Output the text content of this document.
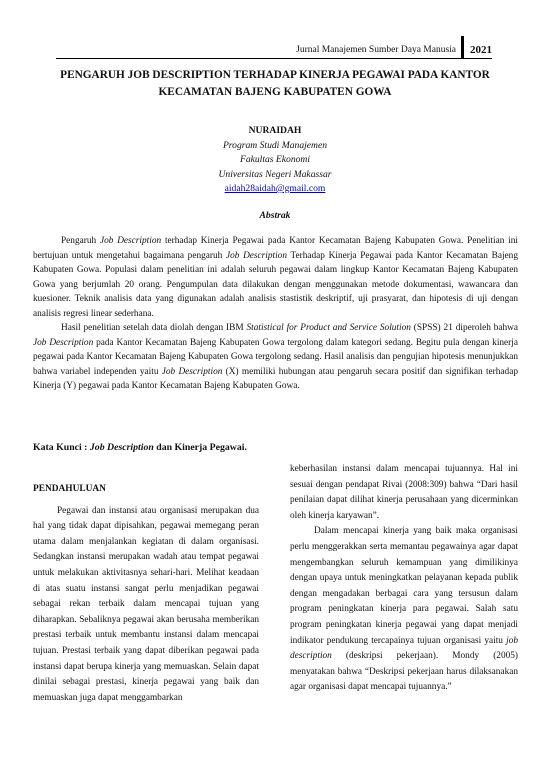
Jurnal Manajemen Sumber Daya Manusia	2021
PENGARUH JOB DESCRIPTION TERHADAP KINERJA PEGAWAI PADA KANTOR KECAMATAN BAJENG KABUPATEN GOWA
NURAIDAH
Program Studi Manajemen
Fakultas Ekonomi
Universitas Negeri Makassar
aidah28aidah@gmail.com
Abstrak

Pengaruh Job Description terhadap Kinerja Pegawai pada Kantor Kecamatan Bajeng Kabupaten Gowa. Penelitian ini bertujuan untuk mengetahui bagaimana pengaruh Job Description Terhadap Kinerja Pegawai pada Kantor Kecamatan Bajeng Kabupaten Gowa. Populasi dalam penelitian ini adalah seluruh pegawai dalam lingkup Kantor Kecamatan Bajeng Kabupaten Gowa yang berjumlah 20 orang. Pengumpulan data dilakukan dengan menggunakan metode dokumentasi, wawancara dan kuesioner. Teknik analisis data yang digunakan adalah analisis stastistik deskriptif, uji prasyarat, dan hipotesis di uji dengan analisis regresi linear sederhana.

Hasil penelitian setelah data diolah dengan IBM Statistical for Product and Service Solution (SPSS) 21 diperoleh bahwa Job Description pada Kantor Kecamatan Bajeng Kabupaten Gowa tergolong dalam kategori sedang. Begitu pula dengan kinerja pegawai pada Kantor Kecamatan Bajeng Kabupaten Gowa tergolong sedang. Hasil analisis dan pengujian hipotesis menunjukkan bahwa variabel independen yaitu Job Description (X) memiliki hubungan atau pengaruh secara positif dan signifikan terhadap Kinerja (Y) pegawai pada Kantor Kecamatan Bajeng Kabupaten Gowa.

Kata Kunci : Job Description dan Kinerja Pegawai.

PENDAHULUAN

Pegawai dan instansi atau organisasi merupakan dua hal yang tidak dapat dipisahkan, pegawai memegang peran utama dalam menjalankan kegiatan di dalam organisasi. Sedangkan instansi merupakan wadah atau tempat pegawai untuk melakukan aktivitasnya sehari-hari. Melihat keadaan di atas suatu instansi sangat perlu menjadikan pegawai sebagai rekan terbaik dalam mencapai tujuan yang diharapkan. Sebaliknya pegawai akan berusaha memberikan prestasi terbaik untuk membantu instansi dalam mencapai tujuan. Prestasi terbaik yang dapat diberikan pegawai pada instansi dapat berupa kinerja yang memuaskan. Selain dapat dinilai sebagai prestasi, kinerja pegawai yang baik dan memuaskan juga dapat menggambarkan

keberhasilan instansi dalam mencapai tujuannya. Hal ini sesuai dengan pendapat Rivai (2008:309) bahwa “Dari hasil penilaian dapat dilihat kinerja perusahaan yang dicerminkan oleh kinerja karyawan”.

Dalam mencapai kinerja yang baik maka organisasi perlu menggerakkan serta memantau pegawainya agar dapat mengembangkan seluruh kemampuan yang dimilikinya dengan upaya untuk meningkatkan pelayanan kepada publik dengan mengadakan berbagai cara yang tersusun dalam program peningkatan kinerja para pegawai. Salah satu program peningkatan kinerja pegawai yang dapat menjadi indikator pendukung tercapainya tujuan organisasi yaitu job description (deskripsi pekerjaan). Mondy (2005) menyatakan bahwa “Deskripsi pekerjaan harus dilaksanakan agar organisasi dapat mencapai tujuannya.”
